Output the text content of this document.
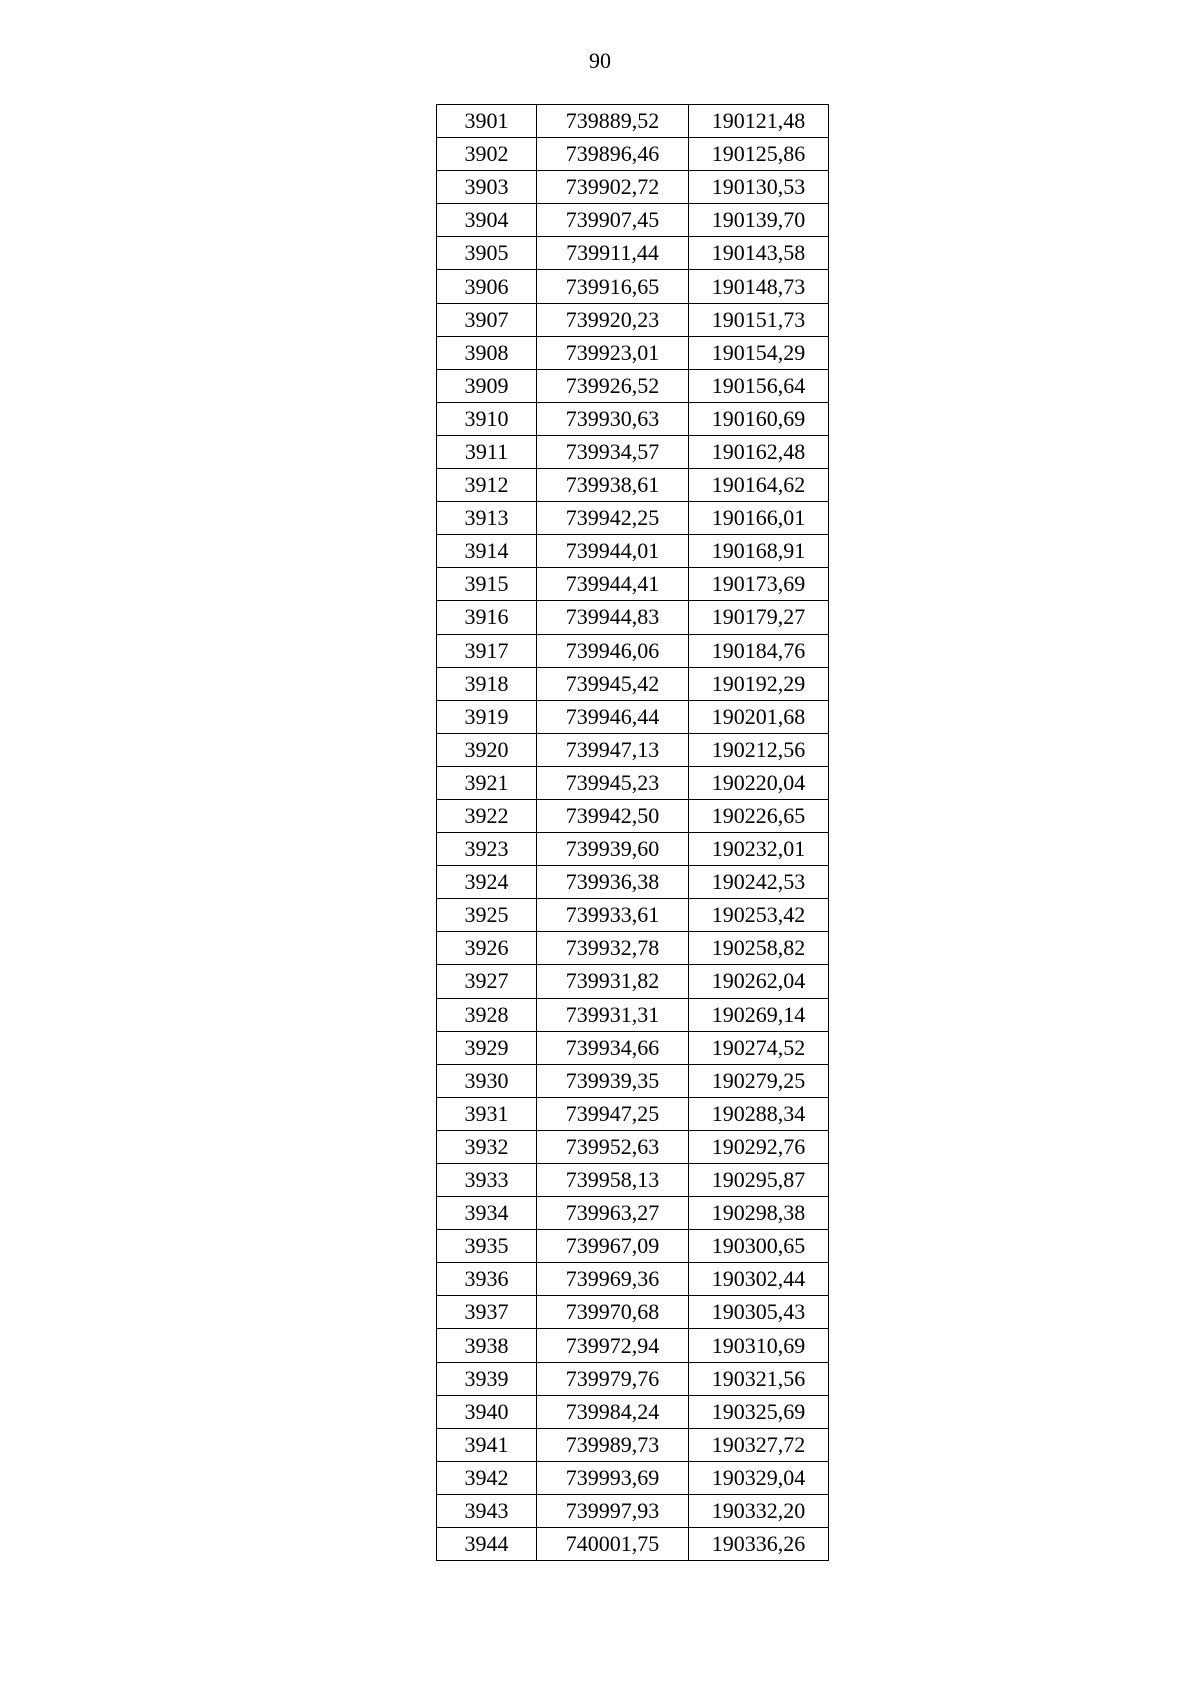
90
3901	739889,52	190121,48
3902	739896,46	190125,86
3903	739902,72	190130,53
3904	739907,45	190139,70
3905	739911,44	190143,58
3906	739916,65	190148,73
3907	739920,23	190151,73
3908	739923,01	190154,29
3909	739926,52	190156,64
3910	739930,63	190160,69
3911	739934,57	190162,48
3912	739938,61	190164,62
3913	739942,25	190166,01
3914	739944,01	190168,91
3915	739944,41	190173,69
3916	739944,83	190179,27
3917	739946,06	190184,76
3918	739945,42	190192,29
3919	739946,44	190201,68
3920	739947,13	190212,56
3921	739945,23	190220,04
3922	739942,50	190226,65
3923	739939,60	190232,01
3924	739936,38	190242,53
3925	739933,61	190253,42
3926	739932,78	190258,82
3927	739931,82	190262,04
3928	739931,31	190269,14
3929	739934,66	190274,52
3930	739939,35	190279,25
3931	739947,25	190288,34
3932	739952,63	190292,76
3933	739958,13	190295,87
3934	739963,27	190298,38
3935	739967,09	190300,65
3936	739969,36	190302,44
3937	739970,68	190305,43
3938	739972,94	190310,69
3939	739979,76	190321,56
3940	739984,24	190325,69
3941	739989,73	190327,72
3942	739993,69	190329,04
3943	739997,93	190332,20
3944	740001,75	190336,26
